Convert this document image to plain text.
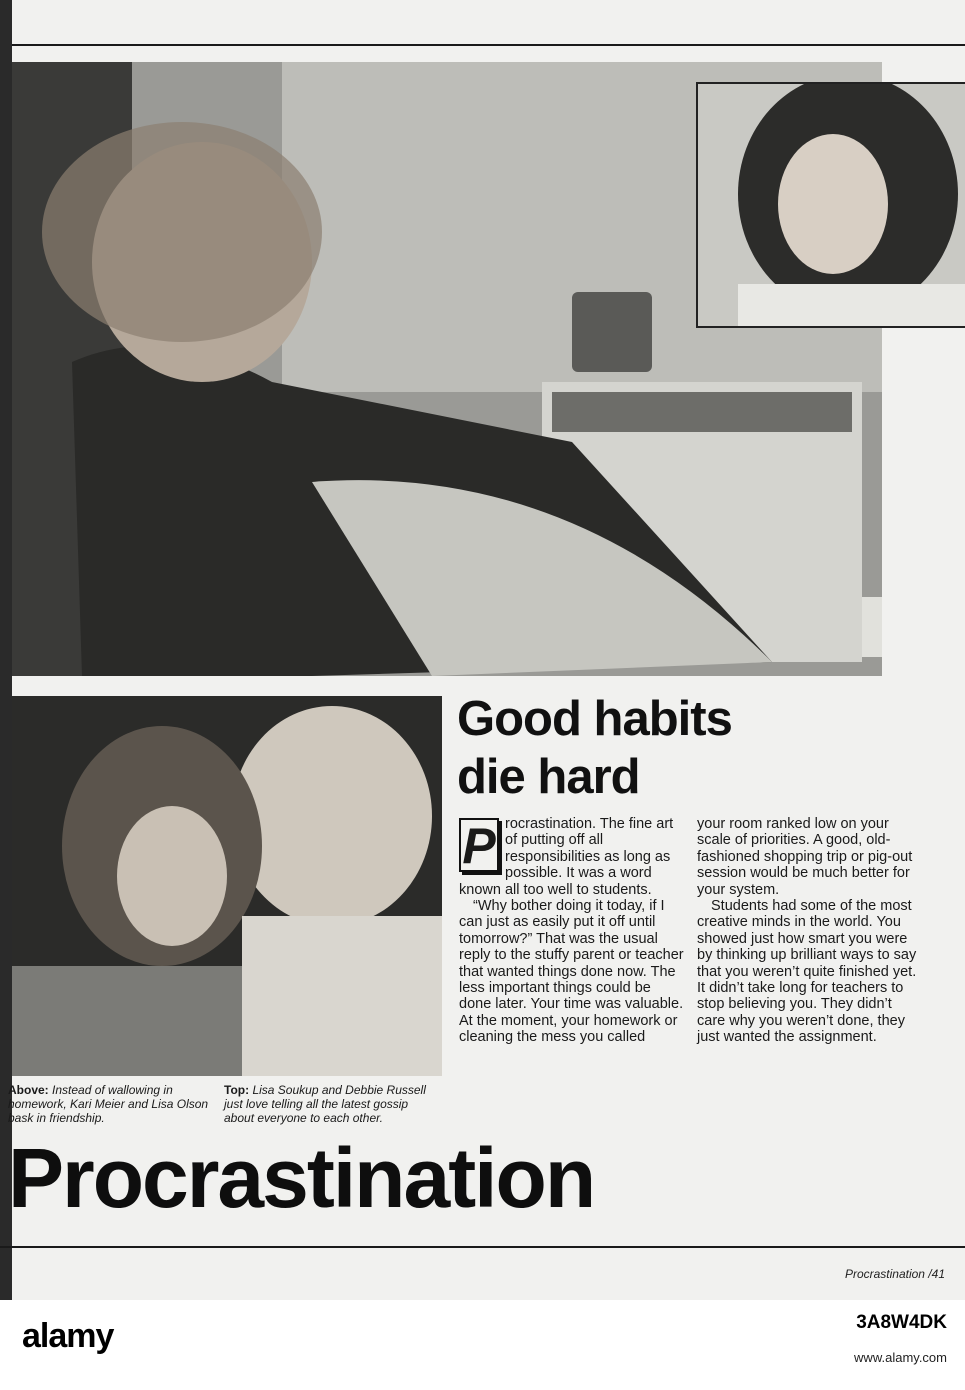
Above: Instead of wallowing in homework, Kari Meier and Lisa Olson bask in friendship.
Top: Lisa Soukup and Debbie Russell just love telling all the latest gossip about everyone to each other.
Good habits
die hard

P rocrastination. The fine art of putting off all responsibilities as long as possible. It was a word known all too well to students.

“Why bother doing it today, if I can just as easily put it off until tomorrow?” That was the usual reply to the stuffy parent or teacher that wanted things done now. The less important things could be done later. Your time was valuable. At the moment, your homework or cleaning the mess you called

your room ranked low on your scale of priorities. A good, old-fashioned shopping trip or pig-out session would be much better for your system.

Students had some of the most creative minds in the world. You showed just how smart you were by thinking up brilliant ways to say that you weren’t quite finished yet. It didn’t take long for teachers to stop believing you. They didn’t care why you weren’t done, they just wanted the assignment.

Procrastination
Procrastination /41
alamy	3A8W4DK
www.alamy.com
